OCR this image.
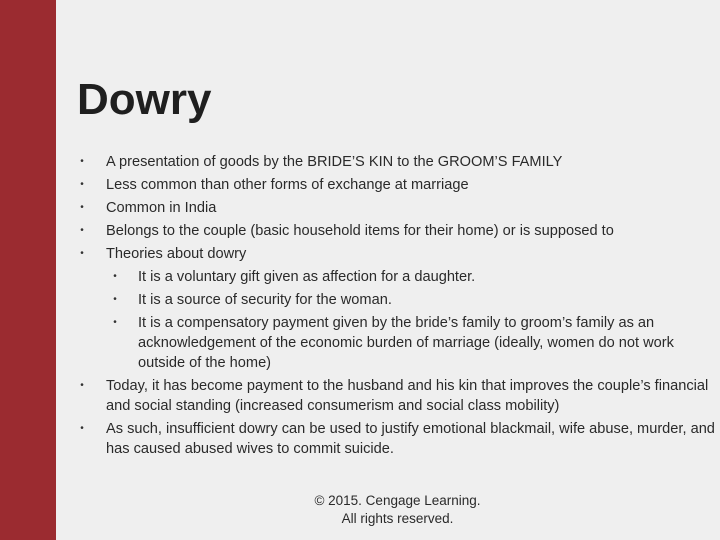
Dowry
•	A presentation of goods by the BRIDE’S KIN to the GROOM’S FAMILY
•	Less common than other forms of exchange at marriage
•	Common in India
•	Belongs to the couple (basic household items for their home) or is supposed to
•	Theories about dowry
•	It is a voluntary gift given as affection for a daughter.
•	It is a source of security for the woman.
•	It is a compensatory payment given by the bride’s family to groom’s family as an acknowledgement of the economic burden of marriage (ideally, women do not work outside of the home)
•	Today, it has become payment to the husband and his kin that improves the couple’s financial and social standing (increased consumerism and social class mobility)
•	As such, insufficient dowry can be used to justify emotional blackmail, wife abuse, murder, and has caused abused wives to commit suicide.
© 2015. Cengage Learning.
All rights reserved.
